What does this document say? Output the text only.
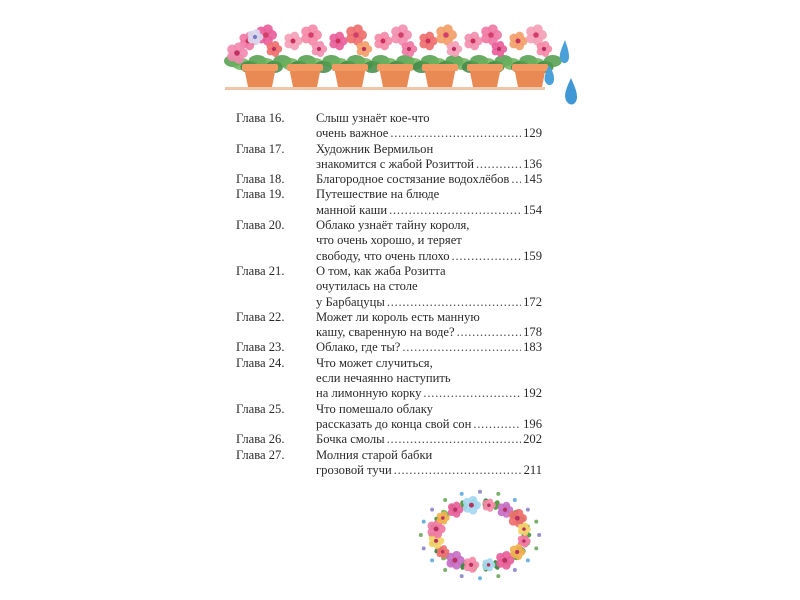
Глава 16.	Слыш узнаёт кое-что
очень важное . . .	129
Глава 17.	Художник Вермильон
знакомится с жабой Розиттой . . .	136
Глава 18.	Благородное состязание водохлёбов . . . 145
Глава 19.	Путешествие на блюде
манной каши . . .	154
Глава 20.	Облако узнаёт тайну короля,
что очень хорошо, и теряет
свободу, что очень плохо . . .	159
Глава 21.	О том, как жаба Розитта
очутилась на столе
у Барбацуцы . . .	172
Глава 22.	Может ли король есть манную
кашу, сваренную на воде? . . .	178
Глава 23.	Облако, где ты? . . .	183
Глава 24.	Что может случиться,
если нечаянно наступить
на лимонную корку . . .	192
Глава 25.	Что помешало облаку
рассказать до конца свой сон . . .	196
Глава 26.	Бочка смолы . . .	202
Глава 27.	Молния старой бабки
грозовой тучи . . .	211
